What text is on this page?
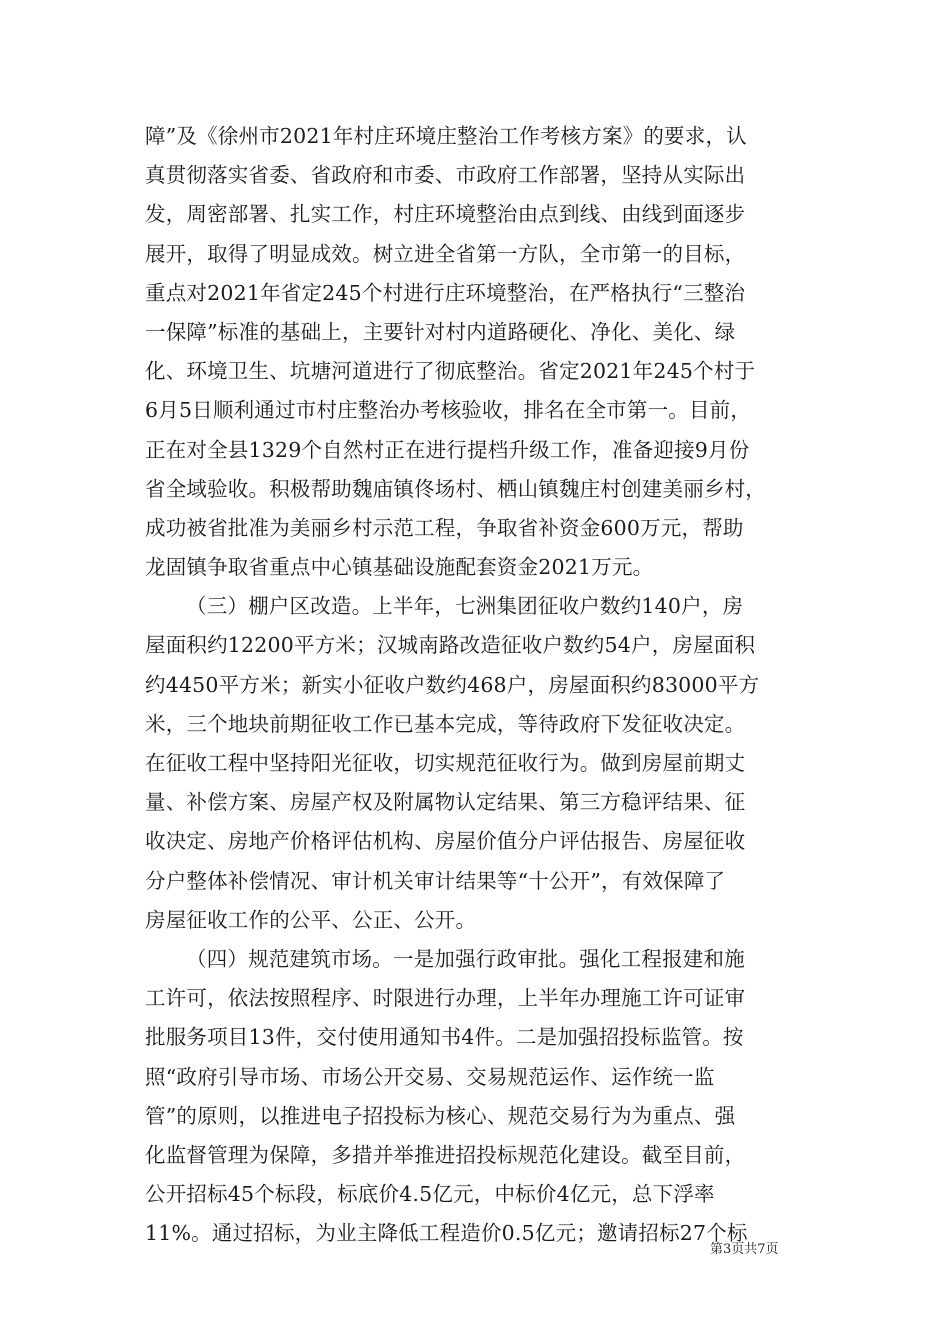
障”及《徐州市2021年村庄环境庄整治工作考核方案》的要求，认
真贯彻落实省委、省政府和市委、市政府工作部署，坚持从实际出
发，周密部署、扎实工作，村庄环境整治由点到线、由线到面逐步
展开，取得了明显成效。树立进全省第一方队，全市第一的目标，
重点对2021年省定245个村进行庄环境整治，在严格执行“三整治
一保障”标准的基础上，主要针对村内道路硬化、净化、美化、绿
化、环境卫生、坑塘河道进行了彻底整治。省定2021年245个村于
6月5日顺利通过市村庄整治办考核验收，排名在全市第一。目前，
正在对全县1329个自然村正在进行提档升级工作，准备迎接9月份
省全域验收。积极帮助魏庙镇佟场村、栖山镇魏庄村创建美丽乡村，
成功被省批准为美丽乡村示范工程，争取省补资金600万元，帮助
龙固镇争取省重点中心镇基础设施配套资金2021万元。
（三）棚户区改造。上半年，七洲集团征收户数约140户，房
屋面积约12200平方米；汉城南路改造征收户数约54户，房屋面积
约4450平方米；新实小征收户数约468户，房屋面积约83000平方
米，三个地块前期征收工作已基本完成，等待政府下发征收决定。
在征收工程中坚持阳光征收，切实规范征收行为。做到房屋前期丈
量、补偿方案、房屋产权及附属物认定结果、第三方稳评结果、征
收决定、房地产价格评估机构、房屋价值分户评估报告、房屋征收
分户整体补偿情况、审计机关审计结果等“十公开”，有效保障了
房屋征收工作的公平、公正、公开。
（四）规范建筑市场。一是加强行政审批。强化工程报建和施
工许可，依法按照程序、时限进行办理，上半年办理施工许可证审
批服务项目13件，交付使用通知书4件。二是加强招投标监管。按
照“政府引导市场、市场公开交易、交易规范运作、运作统一监
管”的原则，以推进电子招投标为核心、规范交易行为为重点、强
化监督管理为保障，多措并举推进招投标规范化建设。截至目前，
公开招标45个标段，标底价4.5亿元，中标价4亿元，总下浮率
11%。通过招标，为业主降低工程造价0.5亿元；邀请招标27个标
第3页共7页
